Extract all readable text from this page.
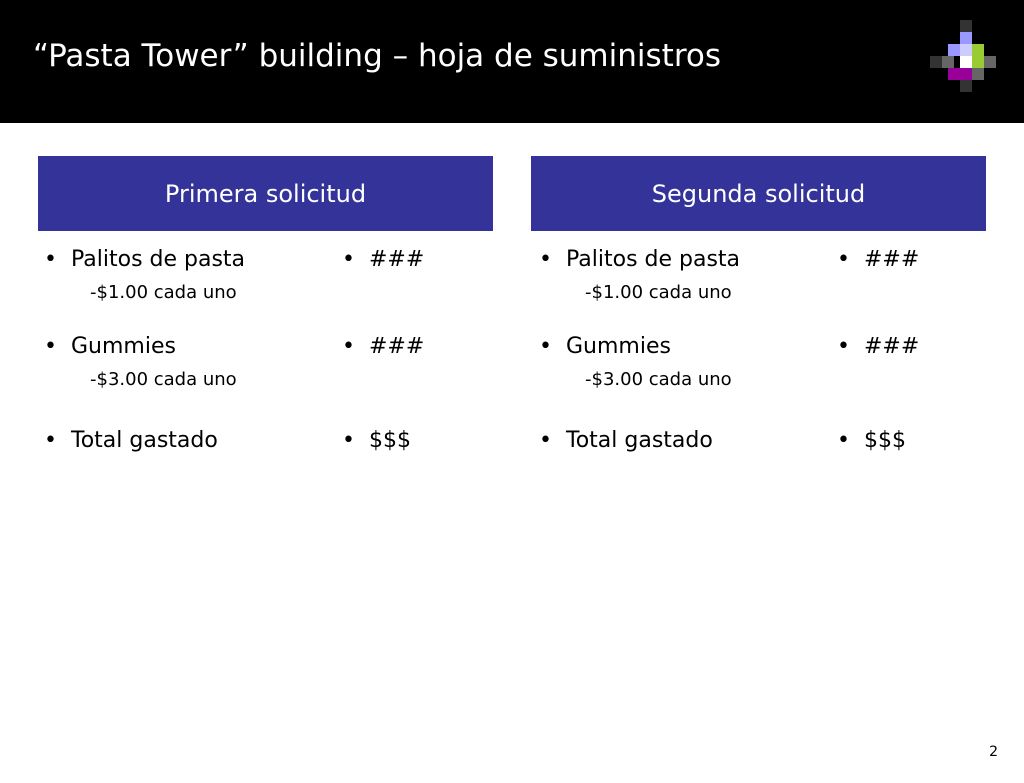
“Pasta Tower” building – hoja de suministros
Primera solicitud
• Palitos de pasta
-$1.00 cada uno
• ###
• Gummies
-$3.00 cada uno
• ###
• Total gastado	• $$$
Segunda solicitud
• Palitos de pasta
-$1.00 cada uno
• ###
• Gummies
-$3.00 cada uno
• ###
• Total gastado	• $$$
2
